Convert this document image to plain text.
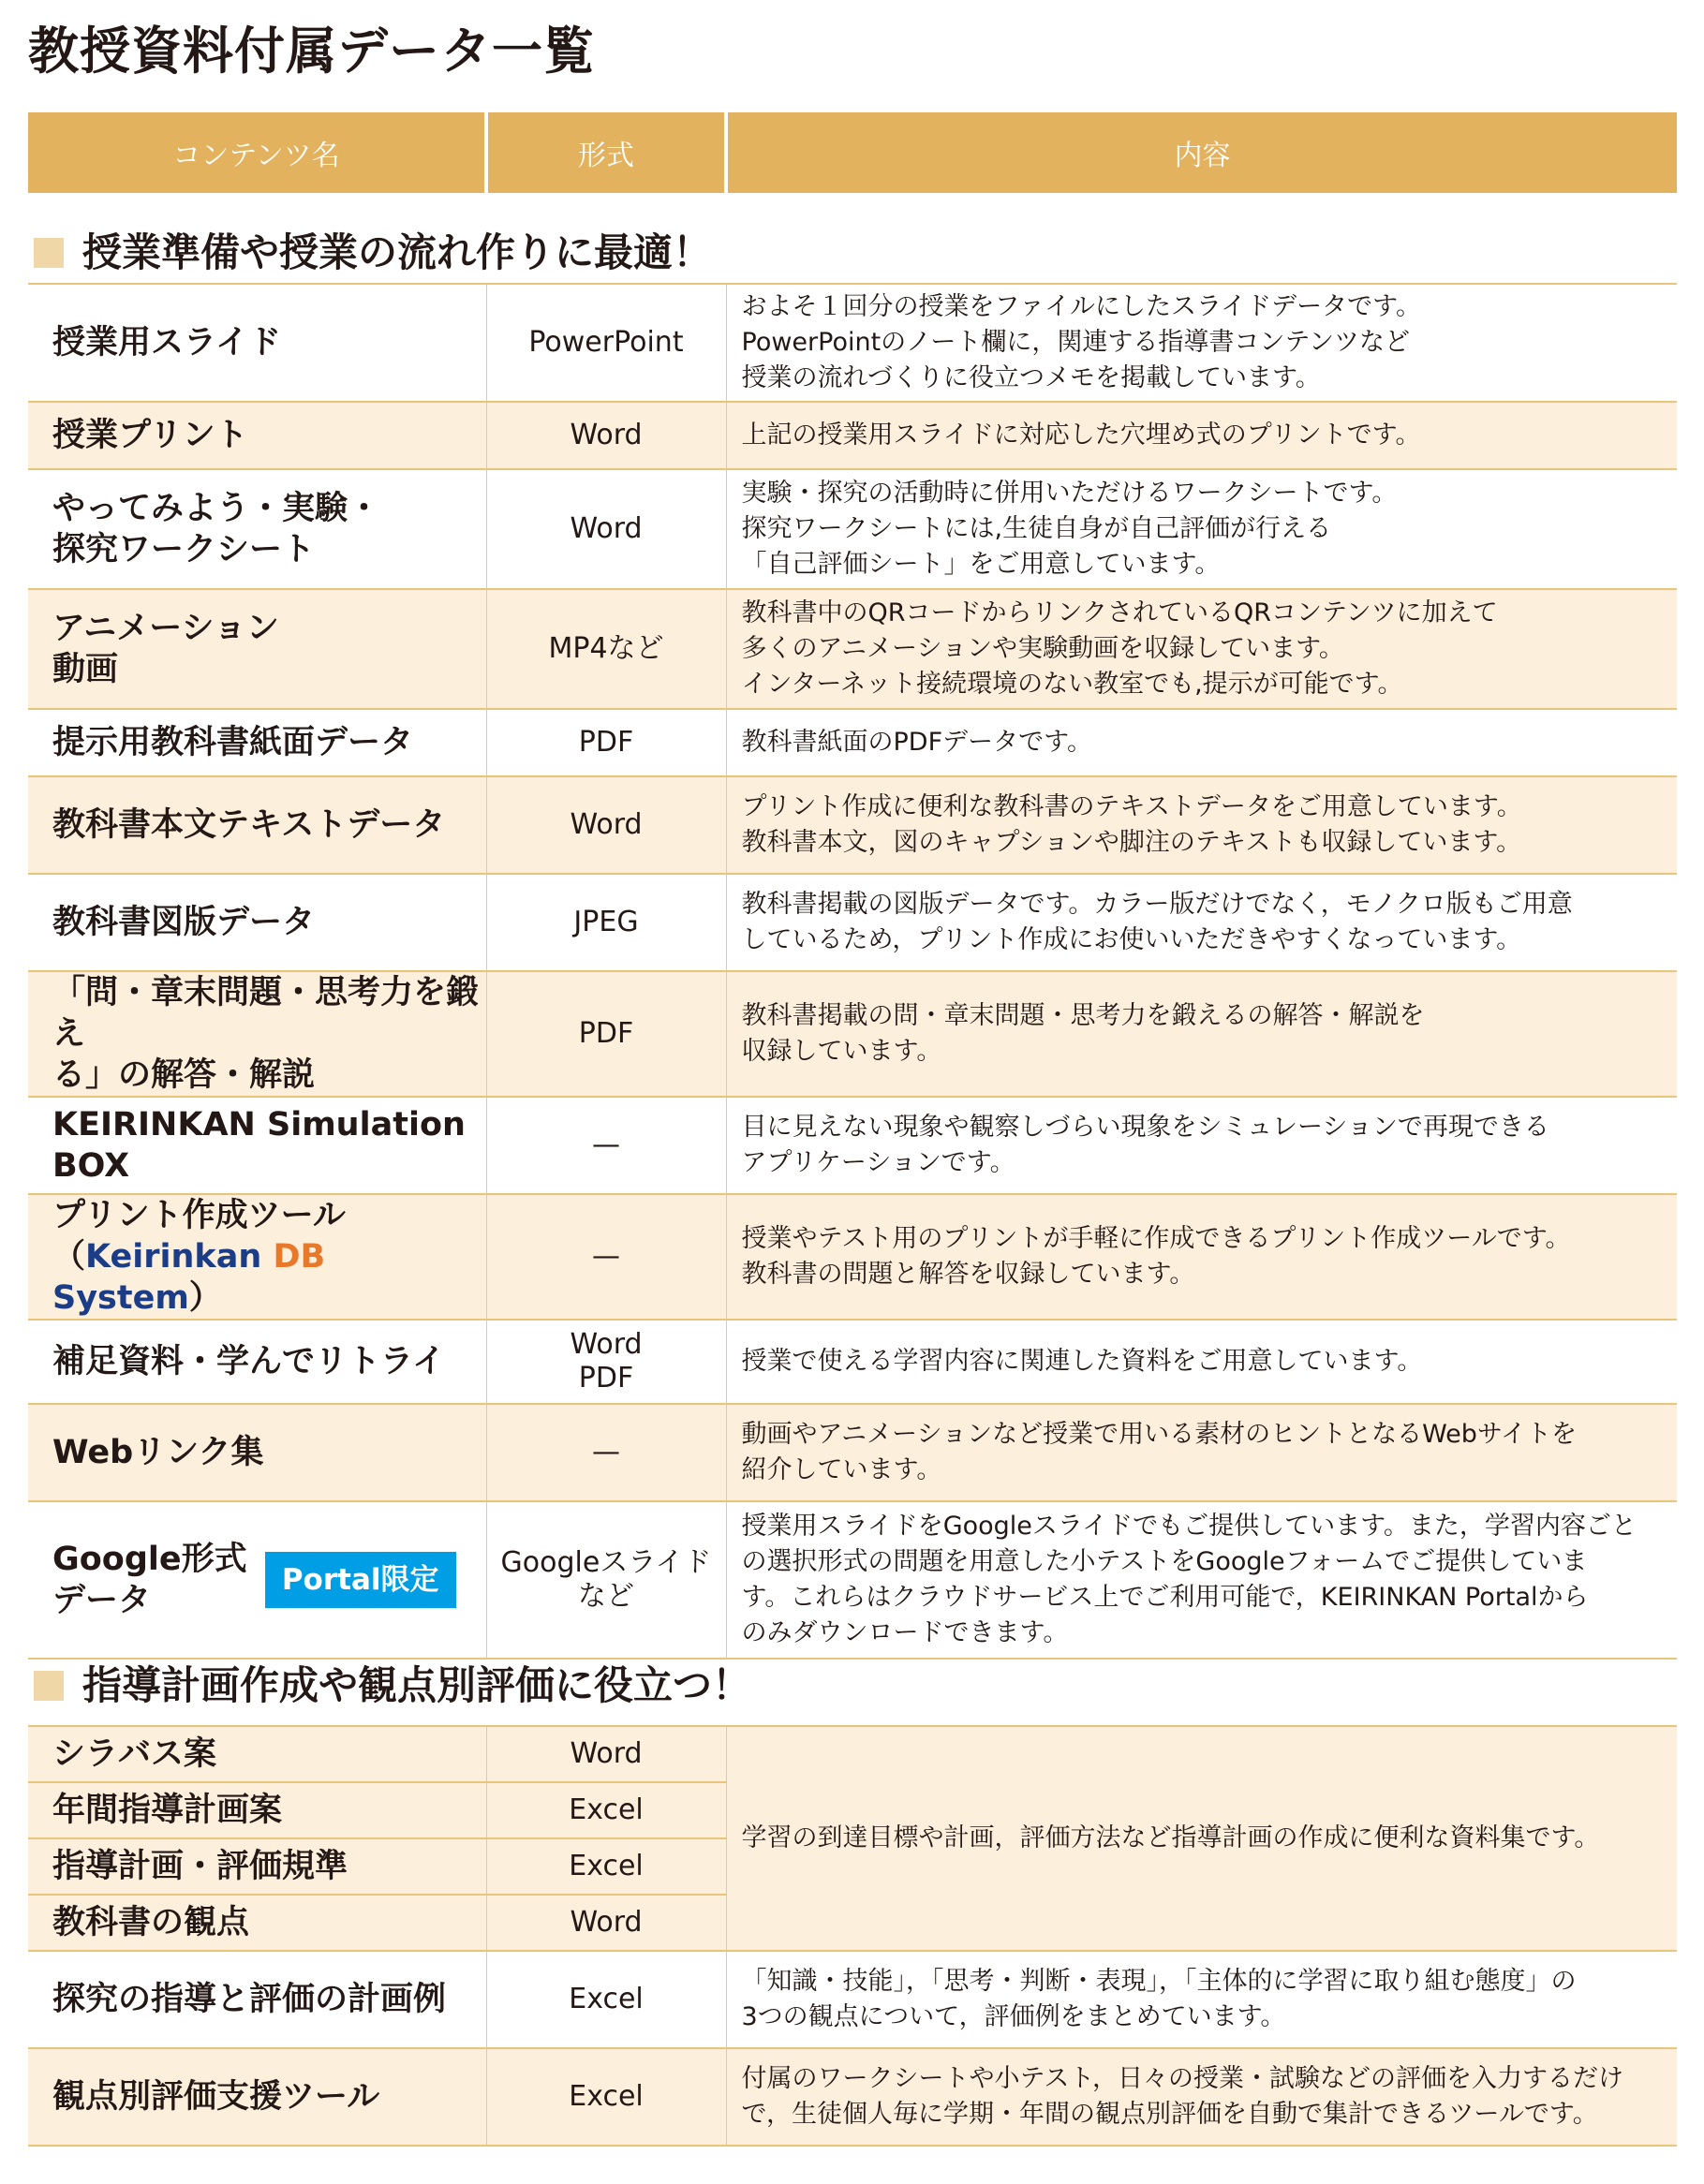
教授資料付属データ一覧
コンテンツ名	形式	内容
授業準備や授業の流れ作りに最適！
授業用スライド	PowerPoint	およそ１回分の授業をファイルにしたスライドデータです。
PowerPointのノート欄に，関連する指導書コンテンツなど
授業の流れづくりに役立つメモを掲載しています。
授業プリント	Word	上記の授業用スライドに対応した穴埋め式のプリントです。
やってみよう・実験・
探究ワークシート	Word	実験・探究の活動時に併用いただけるワークシートです。
探究ワークシートには,生徒自身が自己評価が行える
「自己評価シート」をご用意しています。
アニメーション
動画	MP4など	教科書中のQRコードからリンクされているQRコンテンツに加えて
多くのアニメーションや実験動画を収録しています。
インターネット接続環境のない教室でも,提示が可能です。
提示用教科書紙面データ	PDF	教科書紙面のPDFデータです。
教科書本文テキストデータ	Word	プリント作成に便利な教科書のテキストデータをご用意しています。
教科書本文，図のキャプションや脚注のテキストも収録しています。
教科書図版データ	JPEG	教科書掲載の図版データです。カラー版だけでなく，モノクロ版もご用意
しているため，プリント作成にお使いいただきやすくなっています。
「問・章末問題・思考力を鍛え
る」の解答・解説	PDF	教科書掲載の問・章末問題・思考力を鍛えるの解答・解説を
収録しています。
KEIRINKAN Simulation
BOX	—	目に見えない現象や観察しづらい現象をシミュレーションで再現できる
アプリケーションです。
プリント作成ツール
（Keirinkan DB System）	—	授業やテスト用のプリントが手軽に作成できるプリント作成ツールです。
教科書の問題と解答を収録しています。
補足資料・学んでリトライ	Word
PDF	授業で使える学習内容に関連した資料をご用意しています。
Webリンク集	—	動画やアニメーションなど授業で用いる素材のヒントとなるWebサイトを
紹介しています。

Google形式
データ
Portal限定	Googleスライド
など	授業用スライドをGoogleスライドでもご提供しています。また，学習内容ごと
の選択形式の問題を用意した小テストをGoogleフォームでご提供していま
す。これらはクラウドサービス上でご利用可能で，KEIRINKAN Portalから
のみダウンロードできます。
指導計画作成や観点別評価に役立つ！
シラバス案	Word	学習の到達目標や計画，評価方法など指導計画の作成に便利な資料集です。
年間指導計画案	Excel	
指導計画・評価規準	Excel	
教科書の観点	Word	
探究の指導と評価の計画例	Excel	「知識・技能」，「思考・判断・表現」，「主体的に学習に取り組む態度」の
3つの観点について，評価例をまとめています。
観点別評価支援ツール	Excel	付属のワークシートや小テスト，日々の授業・試験などの評価を入力するだけ
で，生徒個人毎に学期・年間の観点別評価を自動で集計できるツールです。
